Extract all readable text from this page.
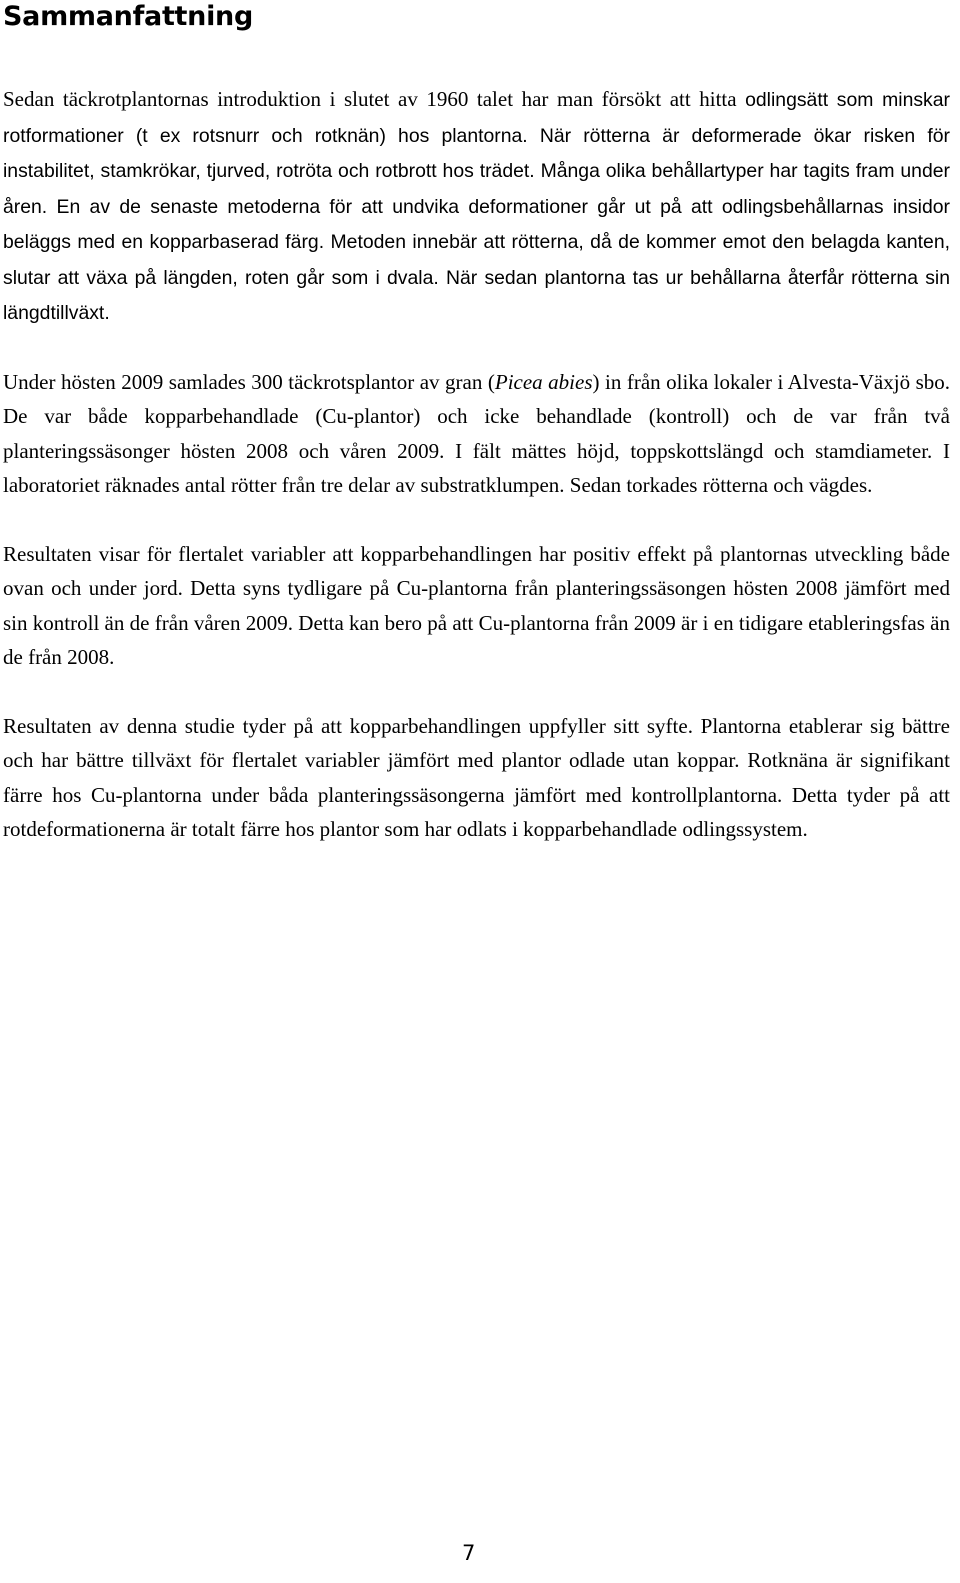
Sammanfattning

Sedan täckrotplantornas introduktion i slutet av 1960 talet har man försökt att hitta odlingsätt som minskar rotformationer (t ex rotsnurr och rotknän) hos plantorna. När rötterna är deformerade ökar risken för instabilitet, stamkrökar, tjurved, rotröta och rotbrott hos trädet. Många olika behållartyper har tagits fram under åren. En av de senaste metoderna för att undvika deformationer går ut på att odlingsbehållarnas insidor beläggs med en kopparbaserad färg. Metoden innebär att rötterna, då de kommer emot den belagda kanten, slutar att växa på längden, roten går som i dvala. När sedan plantorna tas ur behållarna återfår rötterna sin längdtillväxt.

Under hösten 2009 samlades 300 täckrotsplantor av gran (Picea abies) in från olika lokaler i Alvesta-Växjö sbo. De var både kopparbehandlade (Cu-plantor) och icke behandlade (kontroll) och de var från två planteringssäsonger hösten 2008 och våren 2009. I fält mättes höjd, toppskottslängd och stamdiameter. I laboratoriet räknades antal rötter från tre delar av substratklumpen. Sedan torkades rötterna och vägdes.

Resultaten visar för flertalet variabler att kopparbehandlingen har positiv effekt på plantornas utveckling både ovan och under jord. Detta syns tydligare på Cu-plantorna från planteringssäsongen hösten 2008 jämfört med sin kontroll än de från våren 2009. Detta kan bero på att Cu-plantorna från 2009 är i en tidigare etableringsfas än de från 2008.

Resultaten av denna studie tyder på att kopparbehandlingen uppfyller sitt syfte. Plantorna etablerar sig bättre och har bättre tillväxt för flertalet variabler jämfört med plantor odlade utan koppar. Rotknäna är signifikant färre hos Cu-plantorna under båda planteringssäsongerna jämfört med kontrollplantorna. Detta tyder på att rotdeformationerna är totalt färre hos plantor som har odlats i kopparbehandlade odlingssystem.

7
